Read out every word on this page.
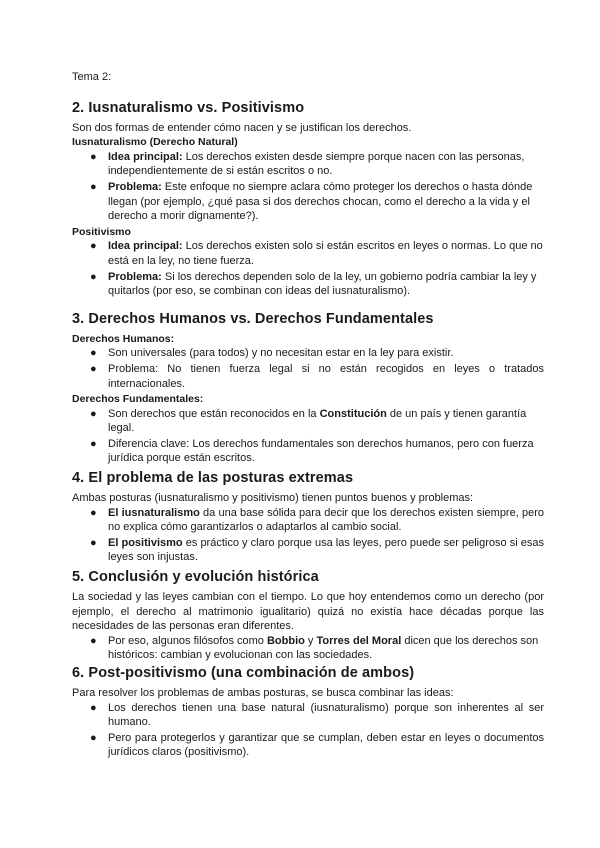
Tema 2:

2. Iusnaturalismo vs. Positivismo

Son dos formas de entender cómo nacen y se justifican los derechos.

Iusnaturalismo (Derecho Natural)

● Idea principal: Los derechos existen desde siempre porque nacen con las personas, independientemente de si están escritos o no.
● Problema: Este enfoque no siempre aclara cómo proteger los derechos o hasta dónde llegan (por ejemplo, ¿qué pasa si dos derechos chocan, como el derecho a la vida y el derecho a morir dignamente?).

Positivismo

● Idea principal: Los derechos existen solo si están escritos en leyes o normas. Lo que no está en la ley, no tiene fuerza.
● Problema: Si los derechos dependen solo de la ley, un gobierno podría cambiar la ley y quitarlos (por eso, se combinan con ideas del iusnaturalismo).
3. Derechos Humanos vs. Derechos Fundamentales

Derechos Humanos:

● Son universales (para todos) y no necesitan estar en la ley para existir.
● Problema: No tienen fuerza legal si no están recogidos en leyes o tratados internacionales.

Derechos Fundamentales:

● Son derechos que están reconocidos en la Constitución de un país y tienen garantía legal.
● Diferencia clave: Los derechos fundamentales son derechos humanos, pero con fuerza jurídica porque están escritos.
4. El problema de las posturas extremas

Ambas posturas (iusnaturalismo y positivismo) tienen puntos buenos y problemas:

● El iusnaturalismo da una base sólida para decir que los derechos existen siempre, pero no explica cómo garantizarlos o adaptarlos al cambio social.
● El positivismo es práctico y claro porque usa las leyes, pero puede ser peligroso si esas leyes son injustas.
5. Conclusión y evolución histórica

La sociedad y las leyes cambian con el tiempo. Lo que hoy entendemos como un derecho (por ejemplo, el derecho al matrimonio igualitario) quizá no existía hace décadas porque las necesidades de las personas eran diferentes.

● Por eso, algunos filósofos como Bobbio y Torres del Moral dicen que los derechos son históricos: cambian y evolucionan con las sociedades.
6. Post-positivismo (una combinación de ambos)

Para resolver los problemas de ambas posturas, se busca combinar las ideas:

● Los derechos tienen una base natural (iusnaturalismo) porque son inherentes al ser humano.
● Pero para protegerlos y garantizar que se cumplan, deben estar en leyes o documentos jurídicos claros (positivismo).
